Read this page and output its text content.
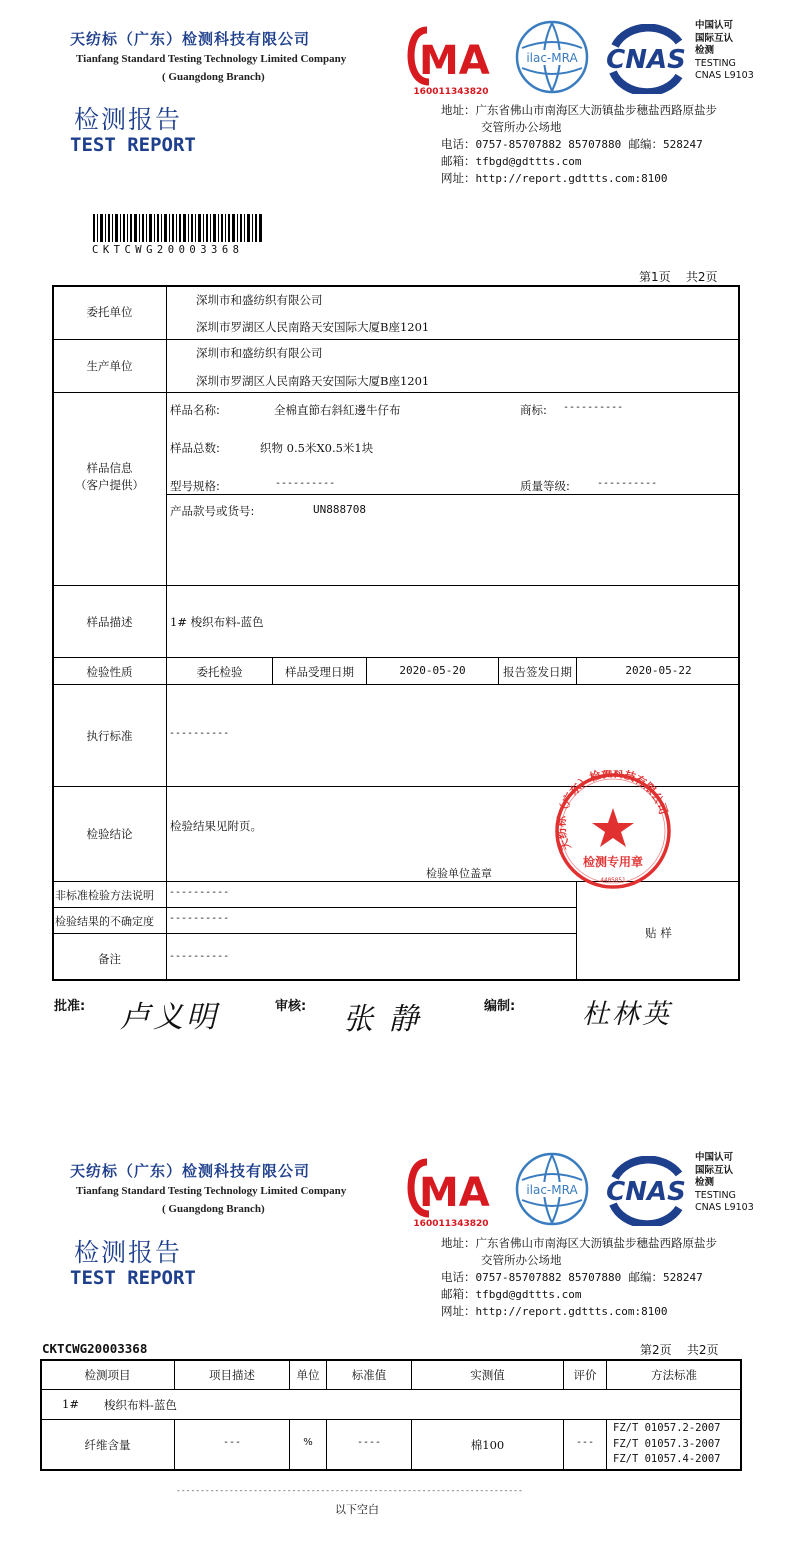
天纺标（广东）检测科技有限公司
Tianfang Standard Testing Technology Limited Company
( Guangdong Branch)
检测报告
TEST REPORT
MA
160011343820
ilac-MRA CNAS
中国认可
国际互认
检测
TESTING
CNAS L9103
地址：广东省佛山市南海区大沥镇盐步穗盐西路原盐步
交管所办公场地
电话：0757-85707882 85707880 邮编：528247
邮箱：tfbgd@gdttts.com
网址：http://report.gdttts.com:8100
CKTCWG20003368
第1页 共2页
委托单位
深圳市和盛纺织有限公司
深圳市罗湖区人民南路天安国际大厦B座1201
生产单位
深圳市和盛纺织有限公司
深圳市罗湖区人民南路天安国际大厦B座1201
样品信息
（客户提供）
样品名称:	全棉直節右斜紅邊牛仔布	商标: ----------
样品总数:	织物 0.5米X0.5米1块
型号规格:	----------	质量等级:	----------
产品款号或货号:	UN888708
样品描述	1# 梭织布料-蓝色
检验性质	委托检验	样品受理日期	2020-05-20	报告签发日期	2020-05-22
执行标准	----------
检验结论
检验结果见附页。
检验单位盖章
非标准检验方法说明 ----------
检验结果的不确定度 ----------
备注	----------
贴 样
天纺标（广东）检测科技有限公司
检测专用章
4405851
批准: 卢义明	审核: 张 静	编制: 杜林英
天纺标（广东）检测科技有限公司
Tianfang Standard Testing Technology Limited Company
( Guangdong Branch)
检测报告
TEST REPORT
MA
160011343820
ilac-MRA CNAS
中国认可
国际互认
检测
TESTING
CNAS L9103
地址：广东省佛山市南海区大沥镇盐步穗盐西路原盐步
交管所办公场地
电话：0757-85707882 85707880 邮编：528247
邮箱：tfbgd@gdttts.com
网址：http://report.gdttts.com:8100
CKTCWG20003368	第2页 共2页
检测项目	项目描述	单位	标准值	实测值	评价	方法标准
1# 梭织布料-蓝色
纤维含量	---	%	----	棉100	---
FZ/T 01057.2-2007
FZ/T 01057.3-2007
FZ/T 01057.4-2007
------------------------------------------------------------------------
以下空白
